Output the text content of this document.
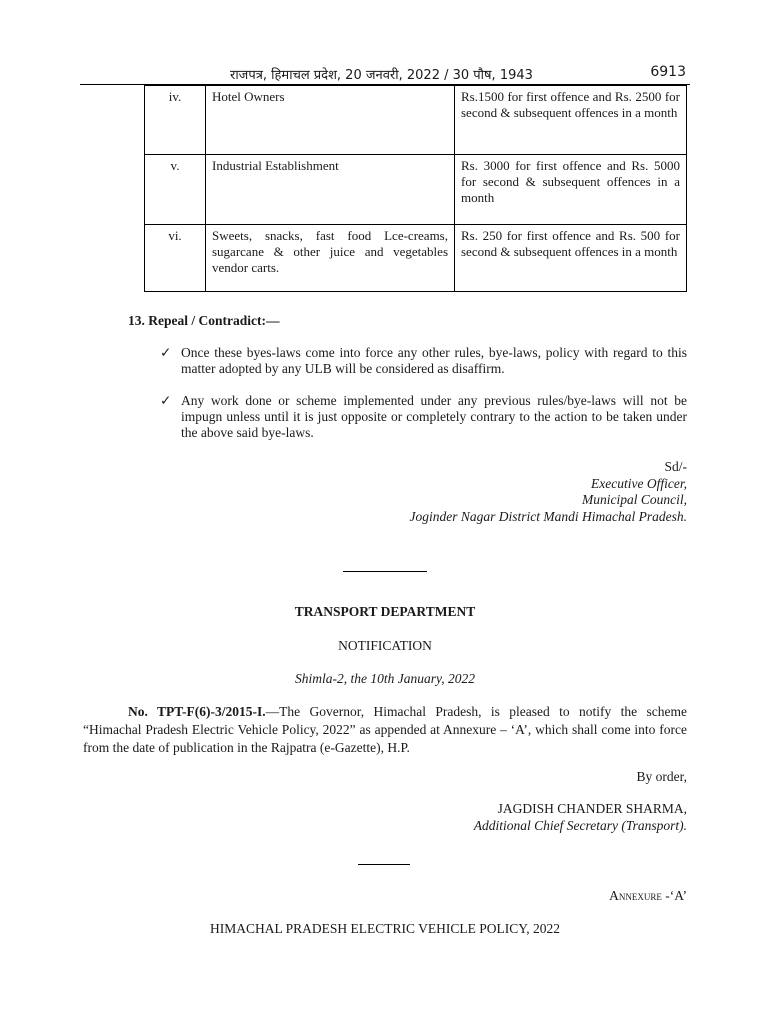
राजपत्र, हिमाचल प्रदेश, 20 जनवरी, 2022 / 30 पौष, 1943	6913
iv.	Hotel Owners	Rs.1500 for first offence and Rs. 2500 for second & subsequent offences in a month
v.	Industrial Establishment	Rs. 3000 for first offence and Rs. 5000 for second & subsequent offences in a month
vi.	Sweets, snacks, fast food Lce-creams, sugarcane & other juice and vegetables vendor carts.	Rs. 250 for first offence and Rs. 500 for second & subsequent offences in a month
13. Repeal / Contradict:—
✓ Once these byes-laws come into force any other rules, bye-laws, policy with regard to this matter adopted by any ULB will be considered as disaffirm.
✓ Any work done or scheme implemented under any previous rules/bye-laws will not be impugn unless until it is just opposite or completely contrary to the action to be taken under the above said bye-laws.
Sd/-
Executive Officer,
Municipal Council,
Joginder Nagar District Mandi Himachal Pradesh.
TRANSPORT DEPARTMENT
NOTIFICATION
Shimla-2, the 10th January, 2022
No. TPT-F(6)-3/2015-I.—The Governor, Himachal Pradesh, is pleased to notify the scheme “Himachal Pradesh Electric Vehicle Policy, 2022” as appended at Annexure – ‘A’, which shall come into force from the date of publication in the Rajpatra (e-Gazette), H.P.
By order,
JAGDISH CHANDER SHARMA,
Additional Chief Secretary (Transport).
Annexure -‘A’
HIMACHAL PRADESH ELECTRIC VEHICLE POLICY, 2022
